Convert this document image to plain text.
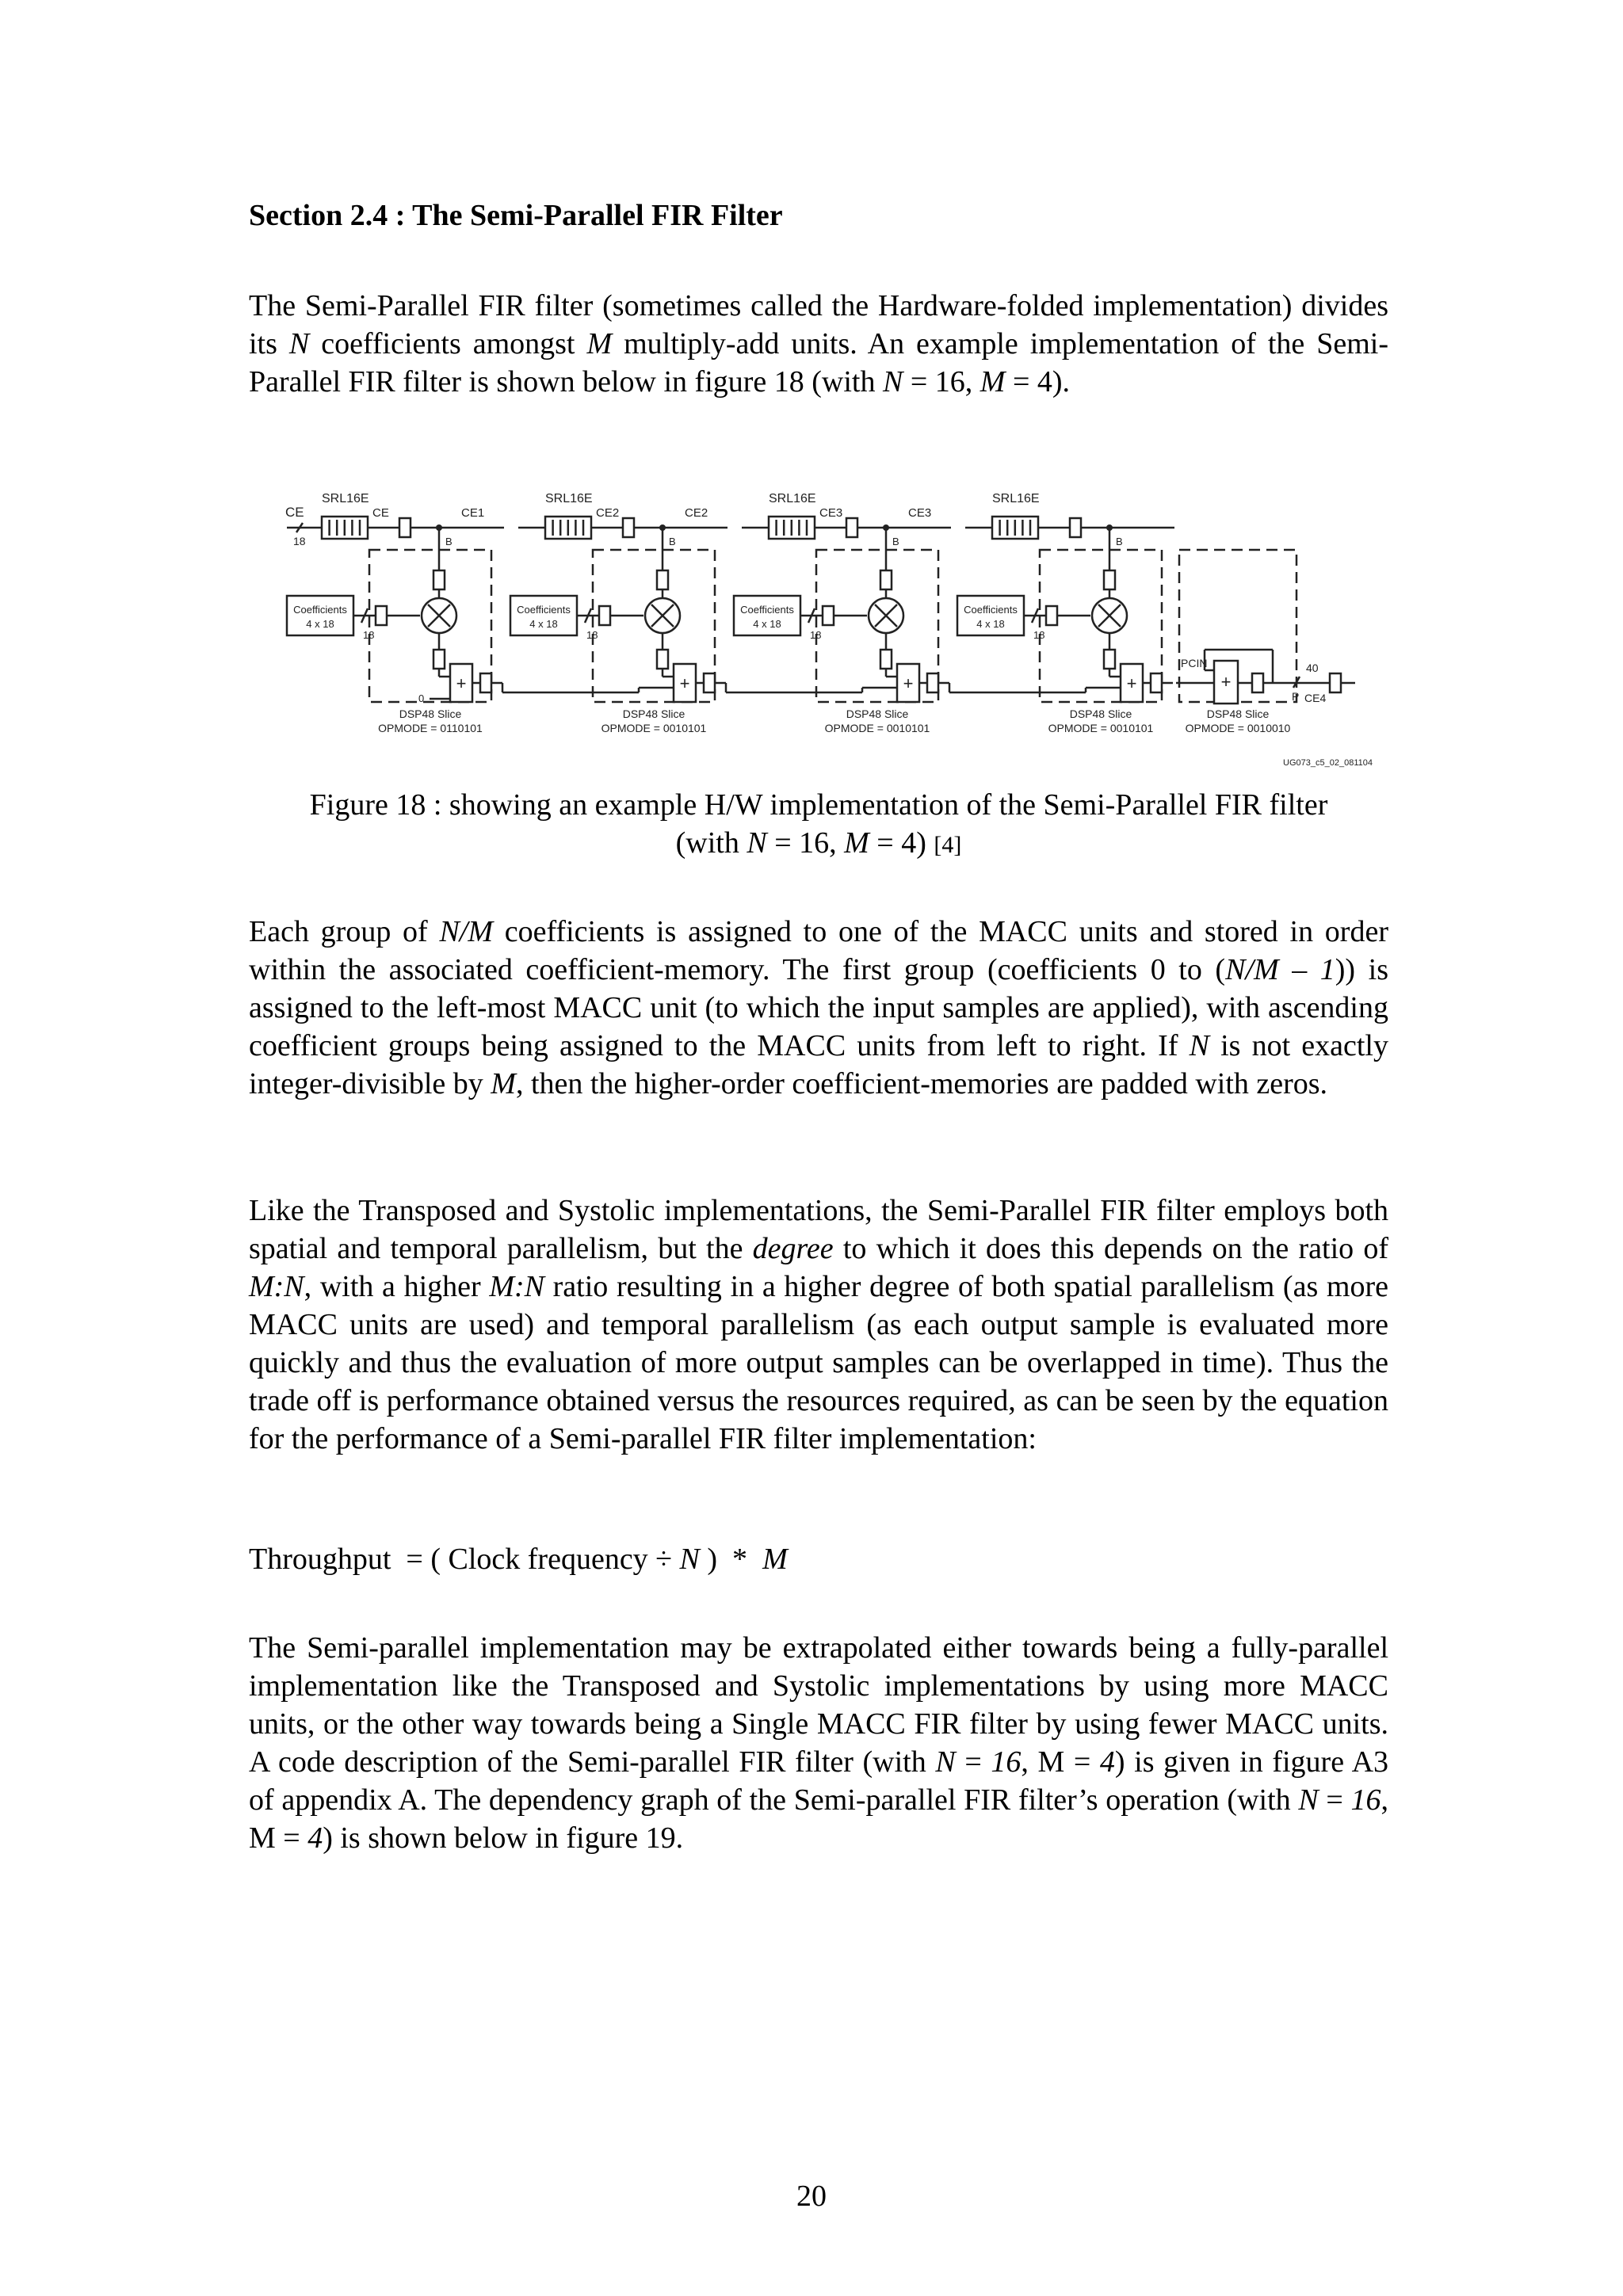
Section 2.4 : The Semi-Parallel FIR Filter

The Semi-Parallel FIR filter (sometimes called the Hardware-folded implementation) divides its N coefficients amongst M multiply-add units. An example implementation of the Semi-Parallel FIR filter is shown below in figure 18 (with N = 16, M = 4).

CE
18
SRL16E
CE	CE1
B
Coefficients
4 x 18
18
+
0
DSP48 Slice
OPMODE = 0110101
SRL16E
CE2	CE2
B
Coefficients
4 x 18
18
+
DSP48 Slice
OPMODE = 0010101
SRL16E
CE3	CE3
B
Coefficients
4 x 18
18
+
DSP48 Slice
OPMODE = 0010101
SRL16E
B
Coefficients
4 x 18
18
+
DSP48 Slice
OPMODE = 0010101
PCIN
+
40
P CE4
DSP48 Slice
OPMODE = 0010010
UG073_c5_02_081104
Figure 18 : showing an example H/W implementation of the Semi-Parallel FIR filter
(with N = 16, M = 4) [4]

Each group of N/M coefficients is assigned to one of the MACC units and stored in order within the associated coefficient-memory. The first group (coefficients 0 to (N/M – 1)) is assigned to the left-most MACC unit (to which the input samples are applied), with ascending coefficient groups being assigned to the MACC units from left to right. If N is not exactly integer-divisible by M, then the higher-order coefficient-memories are padded with zeros.

Like the Transposed and Systolic implementations, the Semi-Parallel FIR filter employs both spatial and temporal parallelism, but the degree to which it does this depends on the ratio of M:N, with a higher M:N ratio resulting in a higher degree of both spatial parallelism (as more MACC units are used) and temporal parallelism (as each output sample is evaluated more quickly and thus the evaluation of more output samples can be overlapped in time). Thus the trade off is performance obtained versus the resources required, as can be seen by the equation for the performance of a Semi-parallel FIR filter implementation:

Throughput  = ( Clock frequency ÷ N )  *  M

The Semi-parallel implementation may be extrapolated either towards being a fully-parallel implementation like the Transposed and Systolic implementations by using more MACC units, or the other way towards being a Single MACC FIR filter by using fewer MACC units. A code description of the Semi-parallel FIR filter (with N = 16, M = 4) is given in figure A3 of appendix A. The dependency graph of the Semi-parallel FIR filter’s operation (with N = 16, M = 4) is shown below in figure 19.

20
